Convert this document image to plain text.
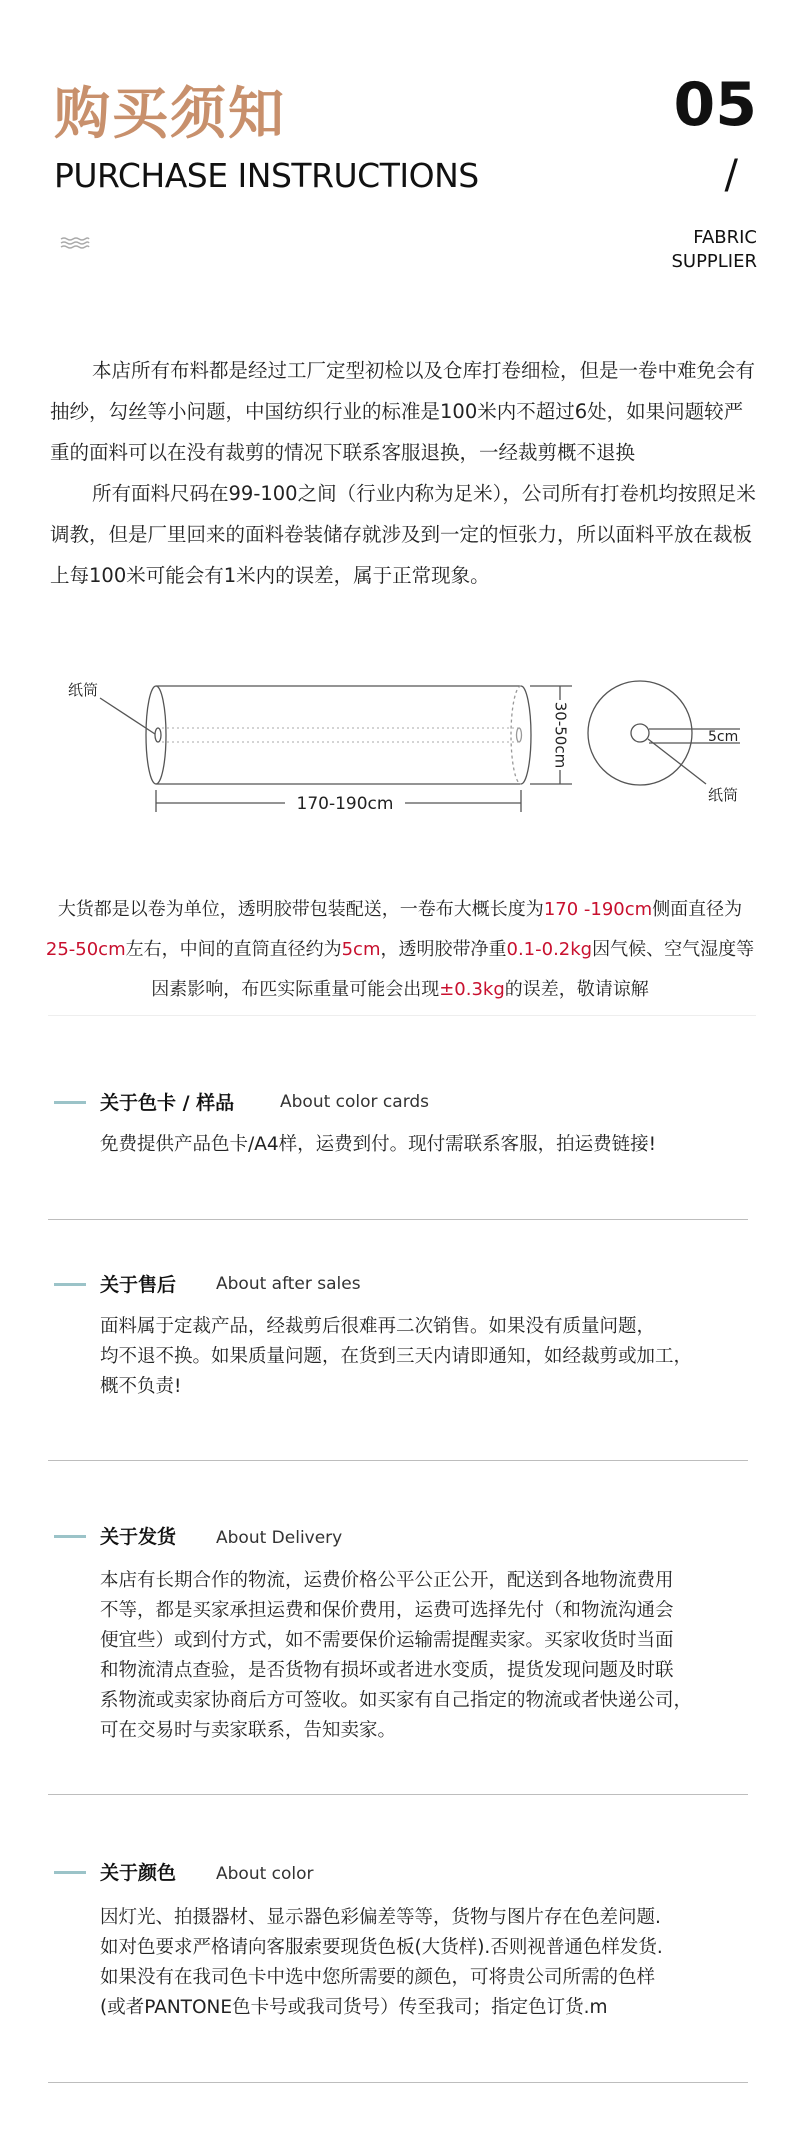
购买须知
PURCHASE INSTRUCTIONS
05
/
FABRIC
SUPPLIER

本店所有布料都是经过工厂定型初检以及仓库打卷细检，但是一卷中难免会有抽纱，勾丝等小问题，中国纺织行业的标准是100米内不超过6处，如果问题较严重的面料可以在没有裁剪的情况下联系客服退换，一经裁剪概不退换

所有面料尺码在99-100之间（行业内称为足米），公司所有打卷机均按照足米调教，但是厂里回来的面料卷装储存就涉及到一定的恒张力，所以面料平放在裁板上每100米可能会有1米内的误差，属于正常现象。

纸筒
170-190cm
30-50cm	5cm
纸筒
大货都是以卷为单位，透明胶带包装配送，一卷布大概长度为170 -190cm侧面直径为25-50cm左右，中间的直筒直径约为5cm，透明胶带净重0.1-0.2kg因气候、空气湿度等因素影响，布匹实际重量可能会出现±0.3kg的误差，敬请谅解
关于色卡 / 样品	About color cards
免费提供产品色卡/A4样，运费到付。现付需联系客服，拍运费链接!
关于售后 About after sales
面料属于定裁产品，经裁剪后很难再二次销售。如果没有质量问题，
均不退不换。如果质量问题，在货到三天内请即通知，如经裁剪或加工，
概不负责!
关于发货 About Delivery
本店有长期合作的物流，运费价格公平公正公开，配送到各地物流费用
不等，都是买家承担运费和保价费用，运费可选择先付（和物流沟通会
便宜些）或到付方式，如不需要保价运输需提醒卖家。买家收货时当面
和物流清点查验，是否货物有损坏或者进水变质，提货发现问题及时联
系物流或卖家协商后方可签收。如买家有自己指定的物流或者快递公司，
可在交易时与卖家联系，告知卖家。
关于颜色 About color
因灯光、拍摄器材、显示器色彩偏差等等，货物与图片存在色差问题.
如对色要求严格请向客服索要现货色板(大货样).否则视普通色样发货.
如果没有在我司色卡中选中您所需要的颜色，可将贵公司所需的色样
(或者PANTONE色卡号或我司货号）传至我司；指定色订货.m
